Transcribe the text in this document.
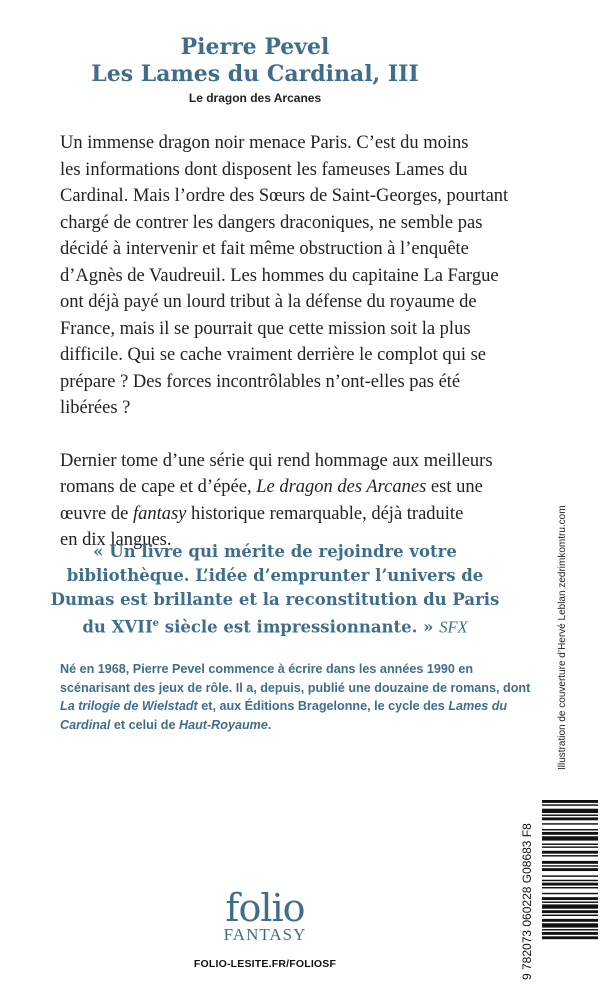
Pierre Pevel
Les Lames du Cardinal, III
Le dragon des Arcanes

Un immense dragon noir menace Paris. C’est du moins
les informations dont disposent les fameuses Lames du
Cardinal. Mais l’ordre des Sœurs de Saint-Georges, pourtant
chargé de contrer les dangers draconiques, ne semble pas
décidé à intervenir et fait même obstruction à l’enquête
d’Agnès de Vaudreuil. Les hommes du capitaine La Fargue
ont déjà payé un lourd tribut à la défense du royaume de
France, mais il se pourrait que cette mission soit la plus
difficile. Qui se cache vraiment derrière le complot qui se
prépare ? Des forces incontrôlables n’ont-elles pas été
libérées ?

Dernier tome d’une série qui rend hommage aux meilleurs
romans de cape et d’épée, Le dragon des Arcanes est une
œuvre de fantasy historique remarquable, déjà traduite
en dix langues.

« Un livre qui mérite de rejoindre votre
bibliothèque. L’idée d’emprunter l’univers de
Dumas est brillante et la reconstitution du Paris
du XVIIe siècle est impressionnante. » SFX
Né en 1968, Pierre Pevel commence à écrire dans les années 1990 en scénarisant des jeux de rôle. Il a, depuis, publié une douzaine de romans, dont La trilogie de Wielstadt et, aux Éditions Bragelonne, le cycle des Lames du Cardinal et celui de Haut-Royaume.	Illustration de couverture d’Hervé Leblan zedrimkomtru.com
9 782073 060228 G08683 F8
folio
FANTASY
FOLIO-LESITE.FR/FOLIOSF
